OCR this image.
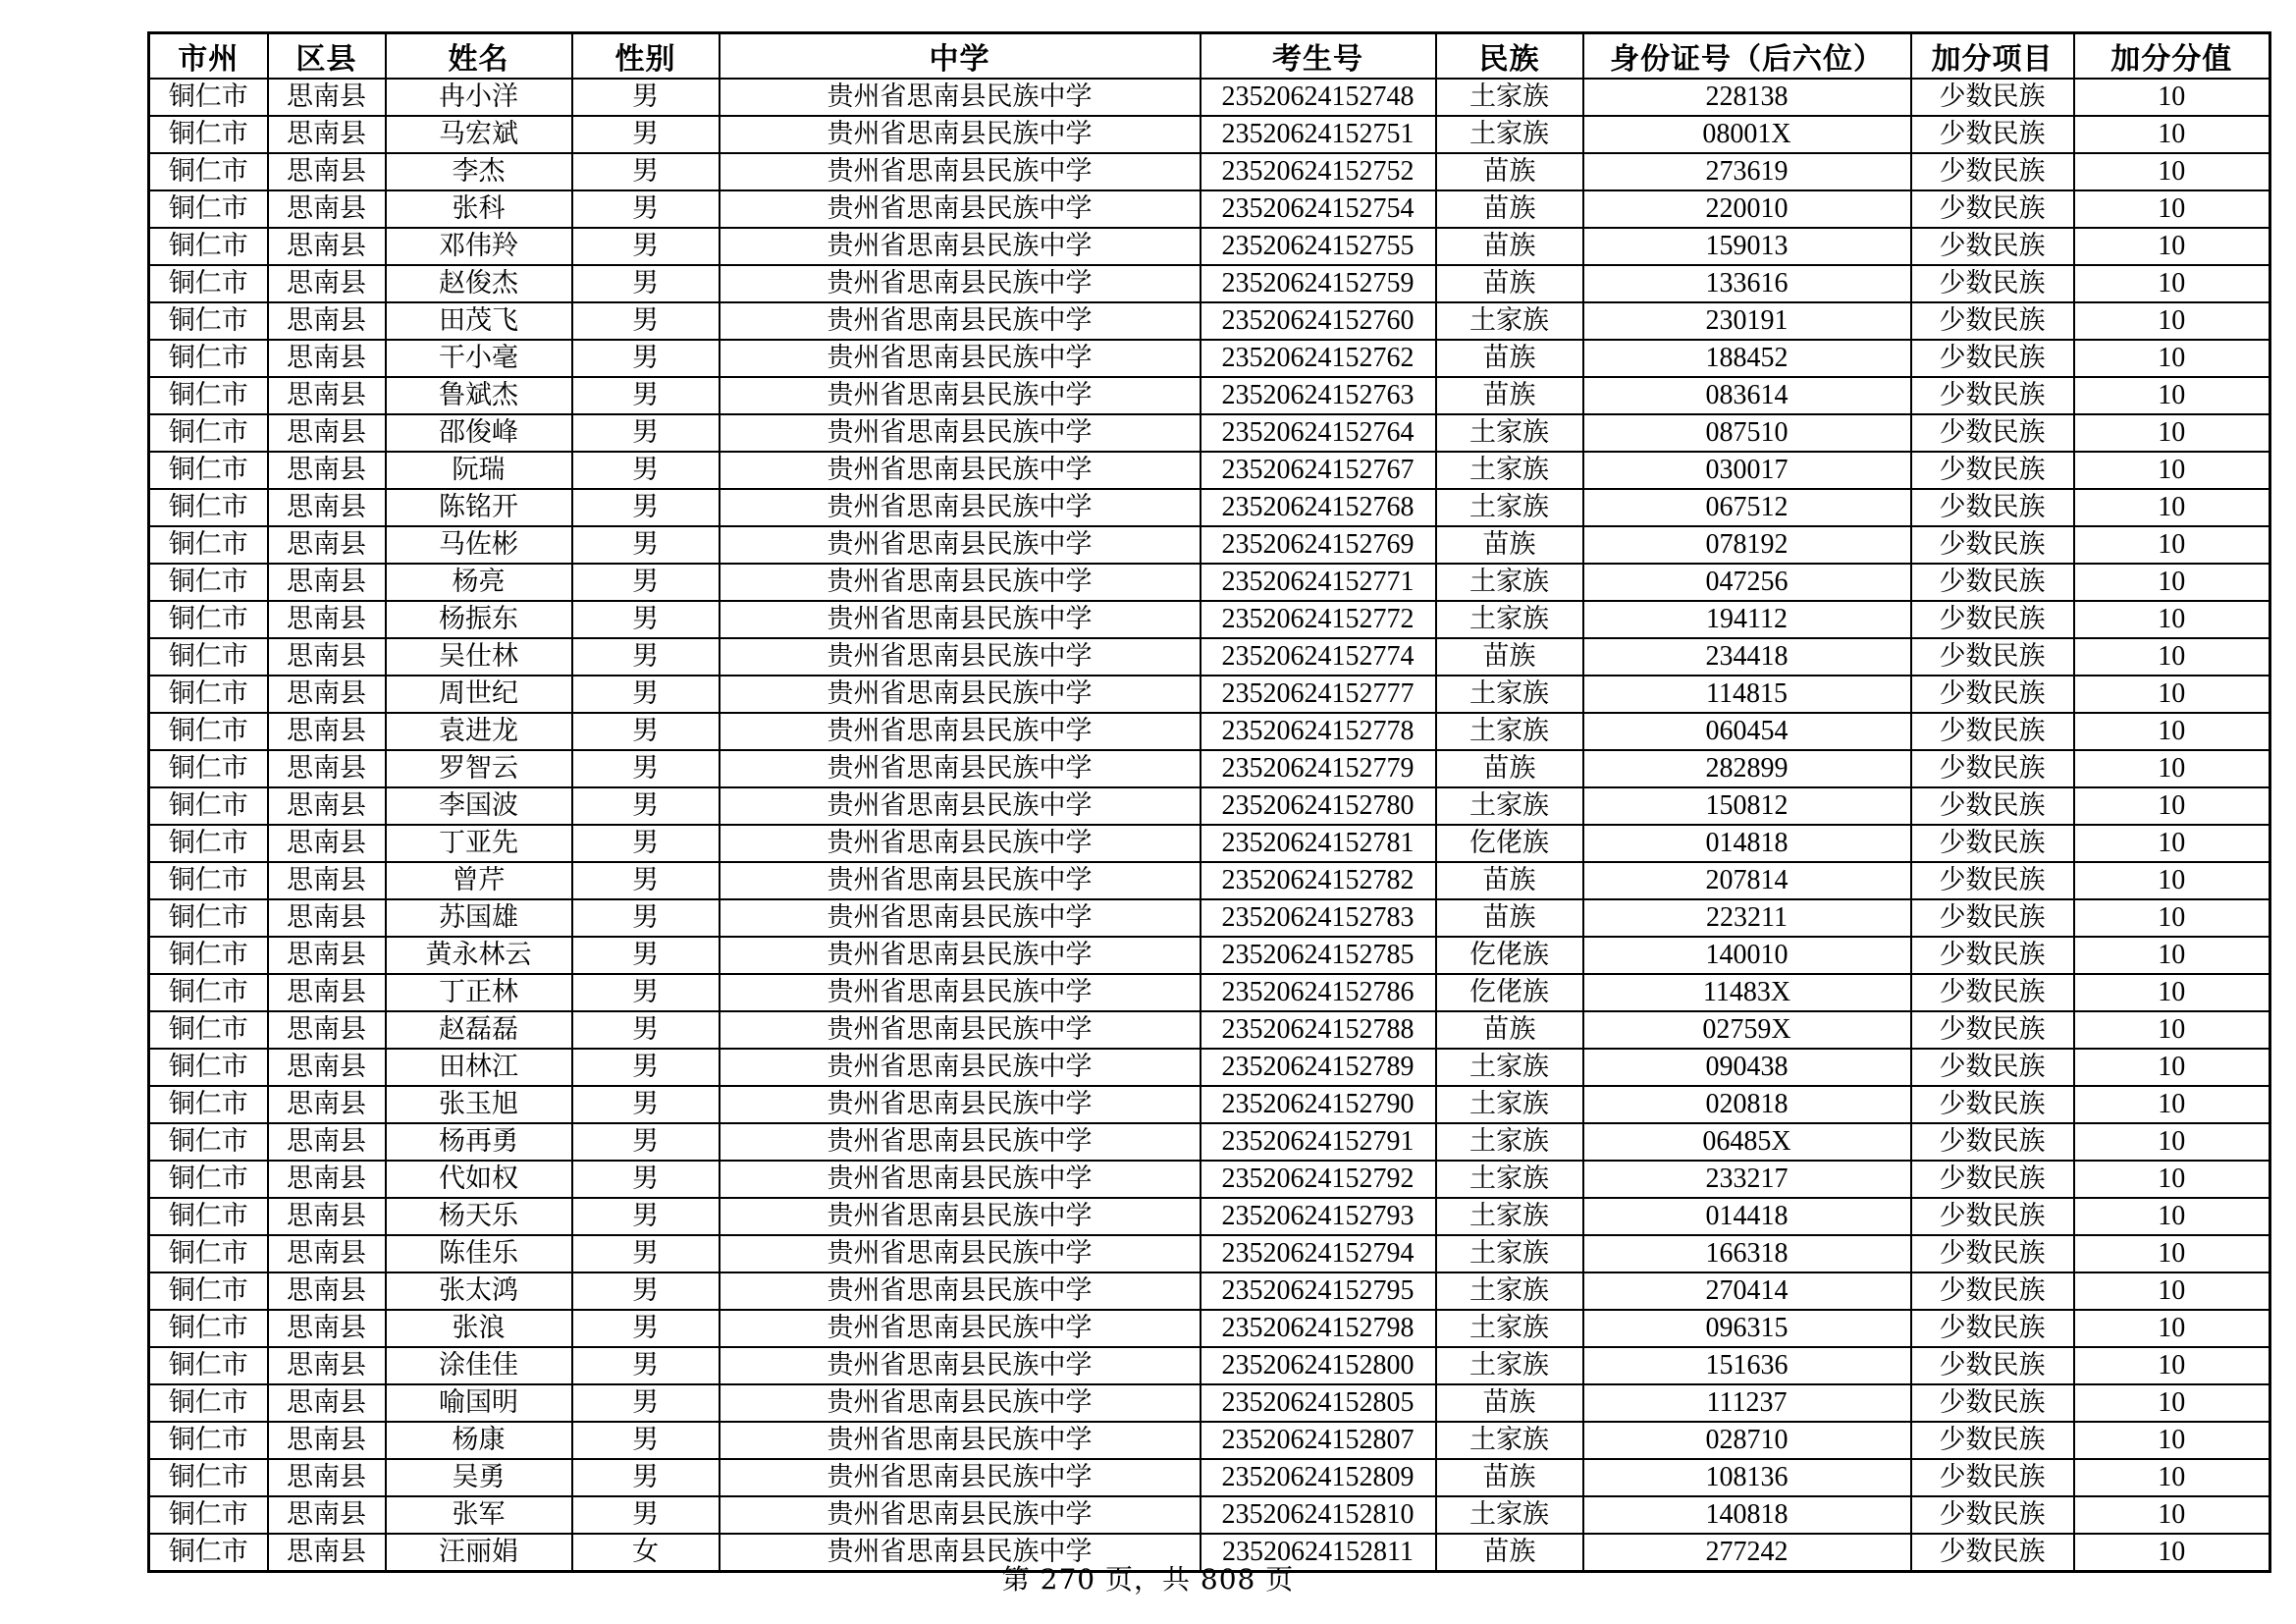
市州	区县	姓名	性别	中学	考生号	民族	身份证号（后六位）	加分项目	加分分值
铜仁市	思南县	冉小洋	男	贵州省思南县民族中学	23520624152748	土家族	228138	少数民族	10
铜仁市	思南县	马宏斌	男	贵州省思南县民族中学	23520624152751	土家族	08001X	少数民族	10
铜仁市	思南县	李杰	男	贵州省思南县民族中学	23520624152752	苗族	273619	少数民族	10
铜仁市	思南县	张科	男	贵州省思南县民族中学	23520624152754	苗族	220010	少数民族	10
铜仁市	思南县	邓伟羚	男	贵州省思南县民族中学	23520624152755	苗族	159013	少数民族	10
铜仁市	思南县	赵俊杰	男	贵州省思南县民族中学	23520624152759	苗族	133616	少数民族	10
铜仁市	思南县	田茂飞	男	贵州省思南县民族中学	23520624152760	土家族	230191	少数民族	10
铜仁市	思南县	干小毫	男	贵州省思南县民族中学	23520624152762	苗族	188452	少数民族	10
铜仁市	思南县	鲁斌杰	男	贵州省思南县民族中学	23520624152763	苗族	083614	少数民族	10
铜仁市	思南县	邵俊峰	男	贵州省思南县民族中学	23520624152764	土家族	087510	少数民族	10
铜仁市	思南县	阮瑞	男	贵州省思南县民族中学	23520624152767	土家族	030017	少数民族	10
铜仁市	思南县	陈铭开	男	贵州省思南县民族中学	23520624152768	土家族	067512	少数民族	10
铜仁市	思南县	马佐彬	男	贵州省思南县民族中学	23520624152769	苗族	078192	少数民族	10
铜仁市	思南县	杨亮	男	贵州省思南县民族中学	23520624152771	土家族	047256	少数民族	10
铜仁市	思南县	杨振东	男	贵州省思南县民族中学	23520624152772	土家族	194112	少数民族	10
铜仁市	思南县	吴仕林	男	贵州省思南县民族中学	23520624152774	苗族	234418	少数民族	10
铜仁市	思南县	周世纪	男	贵州省思南县民族中学	23520624152777	土家族	114815	少数民族	10
铜仁市	思南县	袁进龙	男	贵州省思南县民族中学	23520624152778	土家族	060454	少数民族	10
铜仁市	思南县	罗智云	男	贵州省思南县民族中学	23520624152779	苗族	282899	少数民族	10
铜仁市	思南县	李国波	男	贵州省思南县民族中学	23520624152780	土家族	150812	少数民族	10
铜仁市	思南县	丁亚先	男	贵州省思南县民族中学	23520624152781	仡佬族	014818	少数民族	10
铜仁市	思南县	曾芹	男	贵州省思南县民族中学	23520624152782	苗族	207814	少数民族	10
铜仁市	思南县	苏国雄	男	贵州省思南县民族中学	23520624152783	苗族	223211	少数民族	10
铜仁市	思南县	黄永林云	男	贵州省思南县民族中学	23520624152785	仡佬族	140010	少数民族	10
铜仁市	思南县	丁正林	男	贵州省思南县民族中学	23520624152786	仡佬族	11483X	少数民族	10
铜仁市	思南县	赵磊磊	男	贵州省思南县民族中学	23520624152788	苗族	02759X	少数民族	10
铜仁市	思南县	田林江	男	贵州省思南县民族中学	23520624152789	土家族	090438	少数民族	10
铜仁市	思南县	张玉旭	男	贵州省思南县民族中学	23520624152790	土家族	020818	少数民族	10
铜仁市	思南县	杨再勇	男	贵州省思南县民族中学	23520624152791	土家族	06485X	少数民族	10
铜仁市	思南县	代如权	男	贵州省思南县民族中学	23520624152792	土家族	233217	少数民族	10
铜仁市	思南县	杨天乐	男	贵州省思南县民族中学	23520624152793	土家族	014418	少数民族	10
铜仁市	思南县	陈佳乐	男	贵州省思南县民族中学	23520624152794	土家族	166318	少数民族	10
铜仁市	思南县	张太鸿	男	贵州省思南县民族中学	23520624152795	土家族	270414	少数民族	10
铜仁市	思南县	张浪	男	贵州省思南县民族中学	23520624152798	土家族	096315	少数民族	10
铜仁市	思南县	涂佳佳	男	贵州省思南县民族中学	23520624152800	土家族	151636	少数民族	10
铜仁市	思南县	喻国明	男	贵州省思南县民族中学	23520624152805	苗族	111237	少数民族	10
铜仁市	思南县	杨康	男	贵州省思南县民族中学	23520624152807	土家族	028710	少数民族	10
铜仁市	思南县	吴勇	男	贵州省思南县民族中学	23520624152809	苗族	108136	少数民族	10
铜仁市	思南县	张军	男	贵州省思南县民族中学	23520624152810	土家族	140818	少数民族	10
铜仁市	思南县	汪丽娟	女	贵州省思南县民族中学	23520624152811	苗族	277242	少数民族	10
第 270 页，共 808 页
